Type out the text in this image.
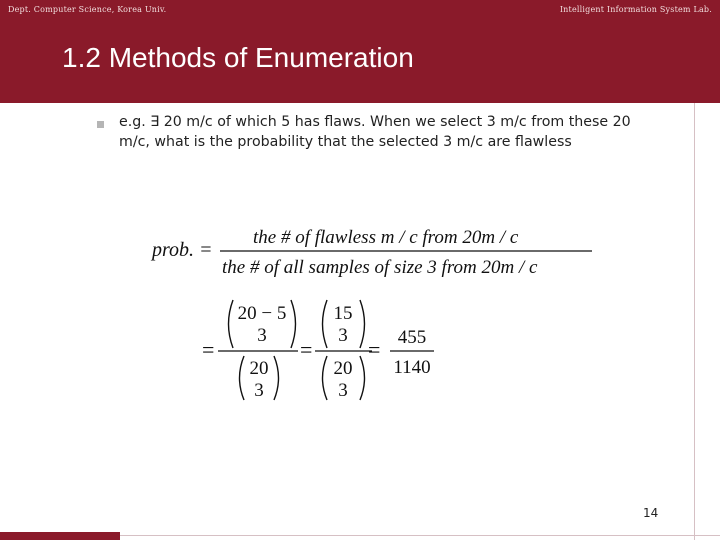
Dept. Computer Science, Korea Univ.	Intelligent Information System Lab.
1.2 Methods of Enumeration
e.g. ∃ 20 m/c of which 5 has flaws. When we select 3 m/c from these 20 m/c, what is the probability that the selected 3 m/c are flawless
prob. =
the # of flawless m / c from 20m / c
the # of all samples of size 3 from 20m / c
=
20 − 5
3
15
3
20
3
=
20
3
= 455
1140
14
